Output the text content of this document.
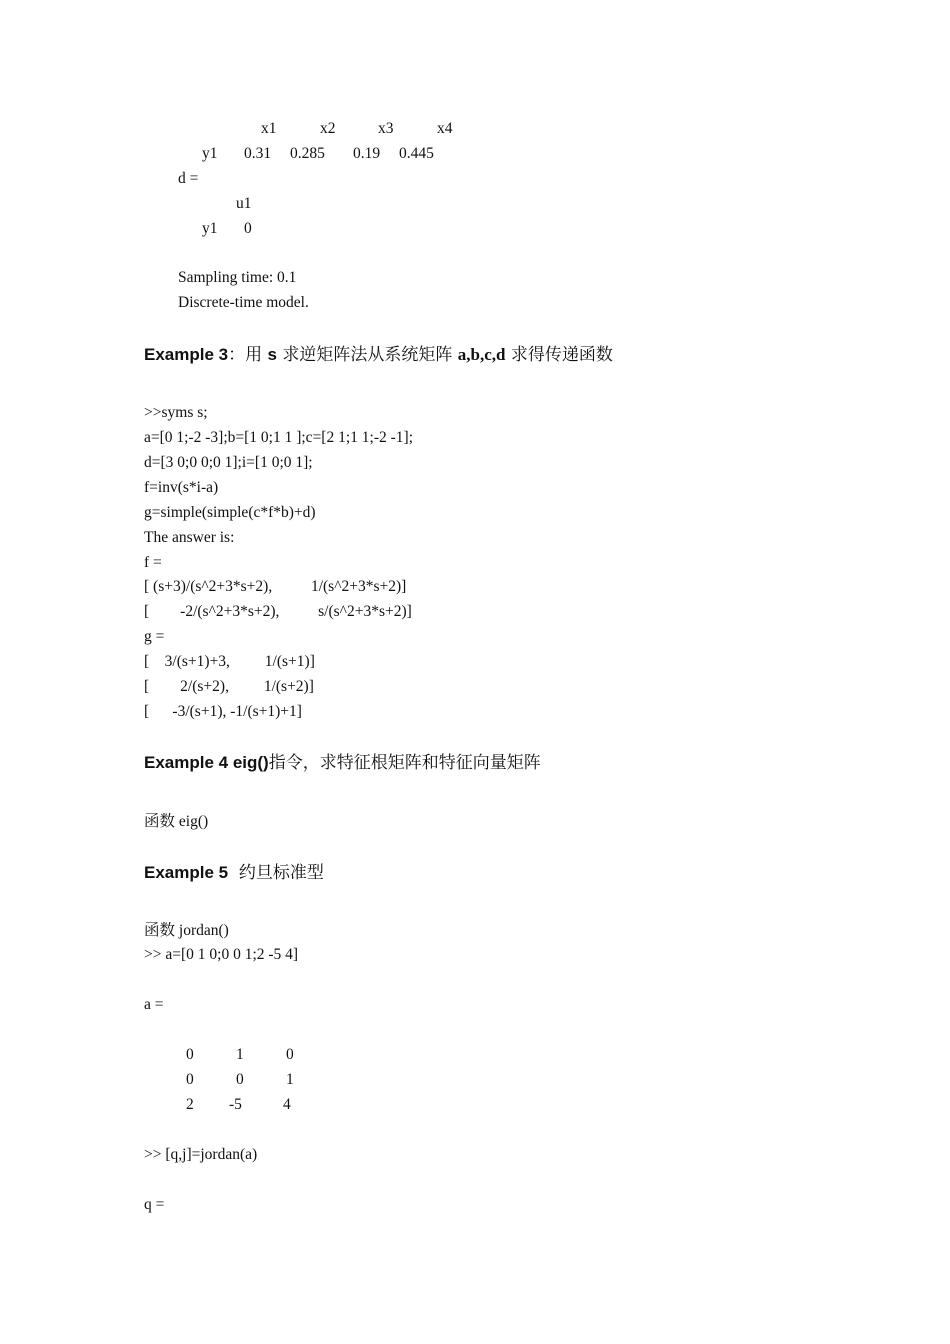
x1	x2	x3	x4
y1 0.31 0.285 0.19 0.445
d =
u1
y1 0
Sampling time: 0.1
Discrete-time model.
Example 3：用 s 求逆矩阵法从系统矩阵 a,b,c,d 求得传递函数
>>syms s;
a=[0 1;-2 -3];b=[1 0;1 1 ];c=[2 1;1 1;-2 -1];
d=[3 0;0 0;0 1];i=[1 0;0 1];
f=inv(s*i-a)
g=simple(simple(c*f*b)+d)
The answer is:
f =
[ (s+3)/(s^2+3*s+2),          1/(s^2+3*s+2)]
[        -2/(s^2+3*s+2),          s/(s^2+3*s+2)]
g =
[    3/(s+1)+3,         1/(s+1)]
[        2/(s+2),         1/(s+2)]
[      -3/(s+1), -1/(s+1)+1]
Example 4 eig()指令，求特征根矩阵和特征向量矩阵
函数 eig()
Example 5  约旦标准型
函数 jordan()
>> a=[0 1 0;0 0 1;2 -5 4]
a =
0	1	0
0	0	1
2 -5	4
>> [q,j]=jordan(a)
q =
